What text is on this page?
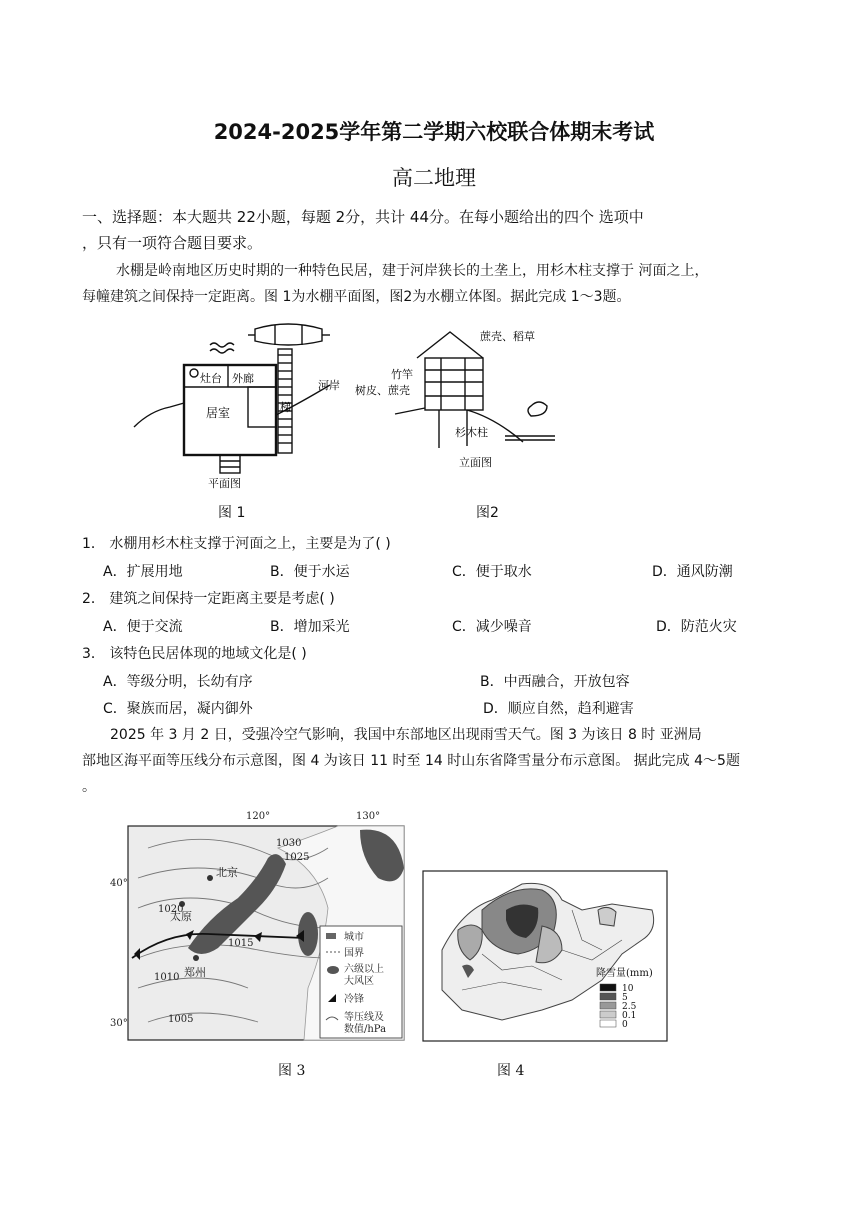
2024-2025学年第二学期六校联合体期末考试
高二地理
一、选择题：本大题共 22小题，每题 2分，共计 44分。在每小题给出的四个 选项中
，只有一项符合题目要求。
水棚是岭南地区历史时期的一种特色民居，建于河岸狭长的土垄上，用杉木柱支撑于 河面之上，
每幢建筑之间保持一定距离。图 1为水棚平面图，图2为水棚立体图。据此完成 1～3题。
灶台 外廊
居室
河岸
梯
平面图
蔗壳、稻草
竹竿
树皮、蔗壳
杉木柱
立面图
图 1	图2
1． 水棚用杉木柱支撑于河面之上，主要是为了( )
A．扩展用地	B．便于水运	C．便于取水	D．通风防潮
2． 建筑之间保持一定距离主要是考虑( )
A．便于交流	B．增加采光	C．减少噪音	D．防范火灾
3． 该特色民居体现的地域文化是( )
A．等级分明，长幼有序	B．中西融合，开放包容
C．聚族而居，凝内御外	D．顺应自然，趋利避害
2025 年 3 月 2 日，受强冷空气影响，我国中东部地区出现雨雪天气。图 3 为该日 8 时 亚洲局
部地区海平面等压线分布示意图，图 4 为该日 11 时至 14 时山东省降雪量分布示意图。 据此完成 4～5题
。
120°	130°
40°
30°
北京
太原
郑州
1030
1025
1020
1015
1010
1005
城市
国界
六级以上
大风区
冷锋
等压线及
数值/hPa
降雪量(mm)
10
5
2.5
0.1
0
图 3	图 4
